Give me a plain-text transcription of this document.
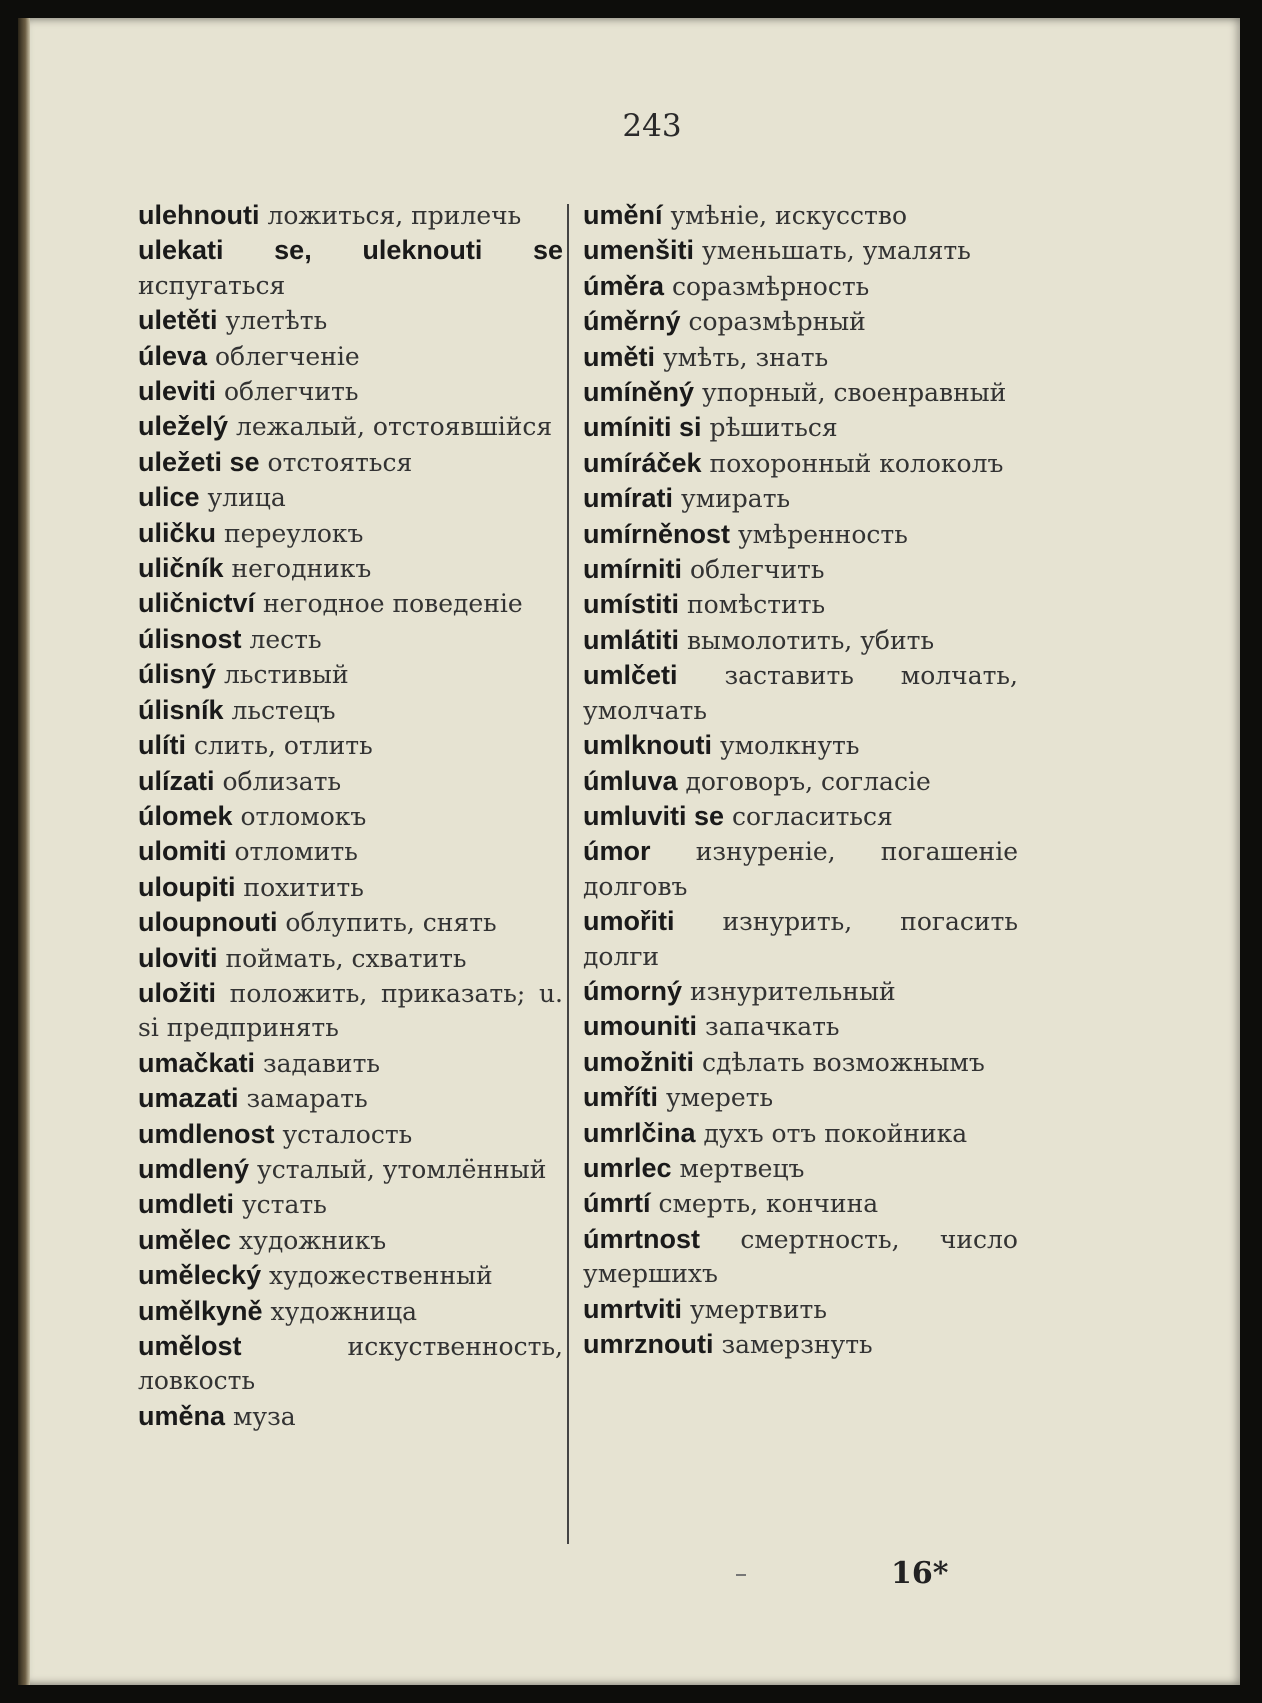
243

ulehnouti ложиться, прилечь

ulekati se, uleknouti se испугаться

uletěti улетѣть

úleva облегченіе

uleviti облегчить

uleželý лежалый, отстоявшійся

uležeti se отстояться

ulice улица

uličku переулокъ

uličník негодникъ

uličnictví негодное поведеніе

úlisnost лесть

úlisný льстивый

úlisník льстецъ

ulíti слить, отлить

ulízati облизать

úlomek отломокъ

ulomiti отломить

uloupiti похитить

uloupnouti облупить, снять

uloviti поймать, схватить

uložiti положить, приказать; u. si предпринять

umačkati задавить

umazati замарать

umdlenost усталость

umdlený усталый, утомлённый

umdleti устать

umělec художникъ

umělecký художественный

umělkyně художница

umělost	искуственность, ловкость

uměna муза

umění умѣніе, искусство

umenšiti уменьшать, умалять

úměra соразмѣрность

úměrný соразмѣрный

uměti умѣть, знать

umíněný упорный, своенравный

umíniti si рѣшиться

umíráček похоронный колоколъ

umírati умирать

umírněnost умѣренность

umírniti облегчить

umístiti помѣстить

umlátiti вымолотить, убить

umlčeti заставить молчать, умолчать

umlknouti умолкнуть

úmluva договоръ, согласіе

umluviti se согласиться

úmor изнуреніе, погашеніе долговъ

umořiti изнурить, погасить долги

úmorný изнурительный

umouniti запачкать

umožniti сдѣлать возможнымъ

umříti умереть

umrlčina духъ отъ покойника

umrlec мертвецъ

úmrtí смерть, кончина

úmrtnost смертность, число умершихъ

umrtviti умертвить

umrznouti замерзнуть

16*
